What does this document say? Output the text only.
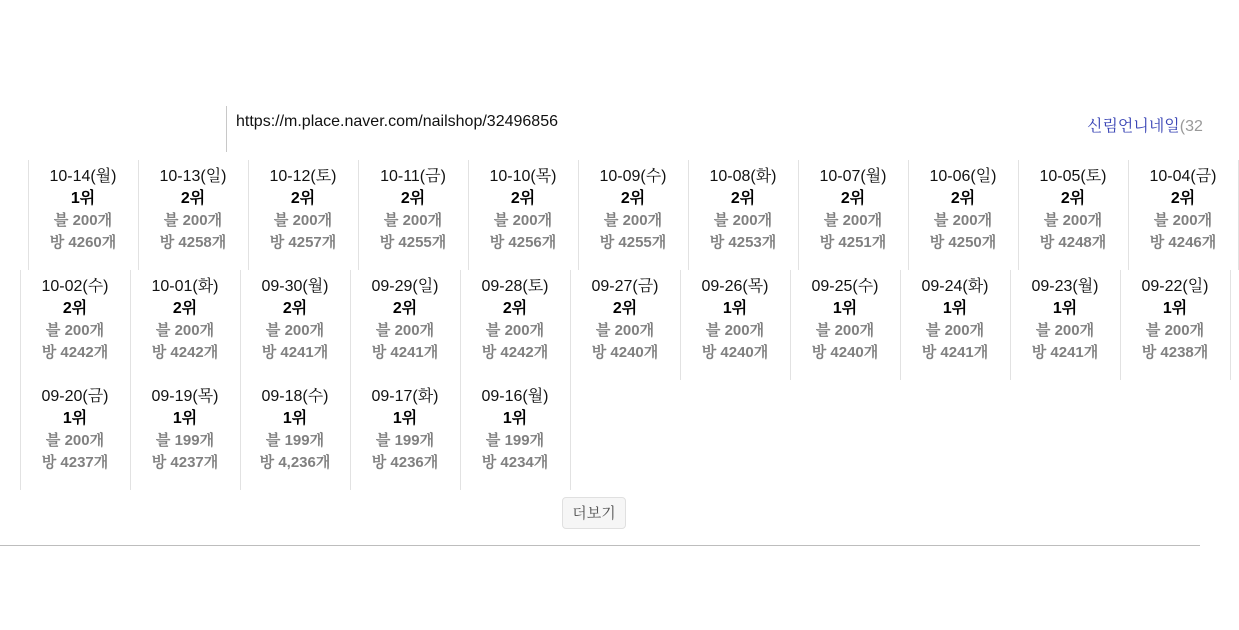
https://m.place.naver.com/nailshop/32496856	신림언니네일(32
10-14(월)
1위
블 200개
방 4260개
10-13(일)
2위
블 200개
방 4258개
10-12(토)
2위
블 200개
방 4257개
10-11(금)
2위
블 200개
방 4255개
10-10(목)
2위
블 200개
방 4256개
10-09(수)
2위
블 200개
방 4255개
10-08(화)
2위
블 200개
방 4253개
10-07(월)
2위
블 200개
방 4251개
10-06(일)
2위
블 200개
방 4250개
10-05(토)
2위
블 200개
방 4248개
10-04(금)
2위
블 200개
방 4246개
10-02(수)
2위
블 200개
방 4242개
10-01(화)
2위
블 200개
방 4242개
09-30(월)
2위
블 200개
방 4241개
09-29(일)
2위
블 200개
방 4241개
09-28(토)
2위
블 200개
방 4242개
09-27(금)
2위
블 200개
방 4240개
09-26(목)
1위
블 200개
방 4240개
09-25(수)
1위
블 200개
방 4240개
09-24(화)
1위
블 200개
방 4241개
09-23(월)
1위
블 200개
방 4241개
09-22(일)
1위
블 200개
방 4238개
09-20(금)
1위
블 200개
방 4237개
09-19(목)
1위
블 199개
방 4237개
09-18(수)
1위
블 199개
방 4,236개
09-17(화)
1위
블 199개
방 4236개
09-16(월)
1위
블 199개
방 4234개
더보기
